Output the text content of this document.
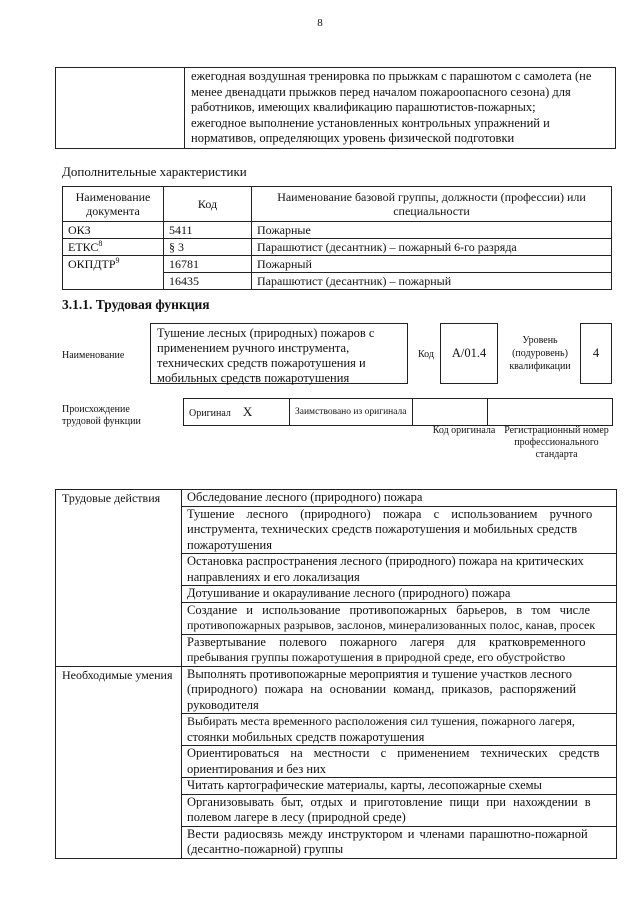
8

ежегодная воздушная тренировка по прыжкам с парашютом с самолета (не
менее двенадцати прыжков перед началом пожароопасного сезона) для
работников, имеющих квалификацию парашютистов-пожарных;
ежегодное выполнение установленных контрольных упражнений и
нормативов, определяющих уровень физической подготовки
Дополнительные характеристики
Наименование документа	Код	Наименование базовой группы, должности (профессии) или специальности
ОКЗ	5411	Пожарные
ЕТКС$^8$	§ 3	Парашютист (десантник) – пожарный 6-го разряда
ОКПДТР$^9$	16781	Пожарный
	16435	Парашютист (десантник) – пожарный
3.1.1. Трудовая функция
Наименование
Тушение лесных (природных) пожаров с
применением ручного инструмента,
технических средств пожаротушения и
мобильных средств пожаротушения
Код	А/01.4
Уровень (подуровень) квалификации
4
Происхождение трудовой функции
Оригинал X	Заимствовано из оригинала		
Код оригинала Регистрационный номер профессионального стандарта
Трудовые действия	Обследование лесного (природного) пожара

	Тушение лесного (природного) пожара с использованием ручного
инструмента, технических средств пожаротушения и мобильных средств
пожаротушения

	Остановка распространения лесного (природного) пожара на критических
направлениях и его локализация

	Дотушивание и окарауливание лесного (природного) пожара

	Создание и использование противопожарных барьеров, в том числе
противопожарных разрывов, заслонов, минерализованных полос, канав, просек

	Развертывание полевого пожарного лагеря для кратковременного
пребывания группы пожаротушения в природной среде, его обустройство

Необходимые умения	Выполнять противопожарные мероприятия и тушение участков лесного
(природного) пожара на основании команд, приказов, распоряжений
руководителя

	Выбирать места временного расположения сил тушения, пожарного лагеря,
стоянки мобильных средств пожаротушения

	Ориентироваться на местности с применением технических средств
ориентирования и без них

	Читать картографические материалы, карты, лесопожарные схемы

	Организовывать быт, отдых и приготовление пищи при нахождении в
полевом лагере в лесу (природной среде)

	Вести радиосвязь между инструктором и членами парашютно-пожарной
(десантно-пожарной) группы
